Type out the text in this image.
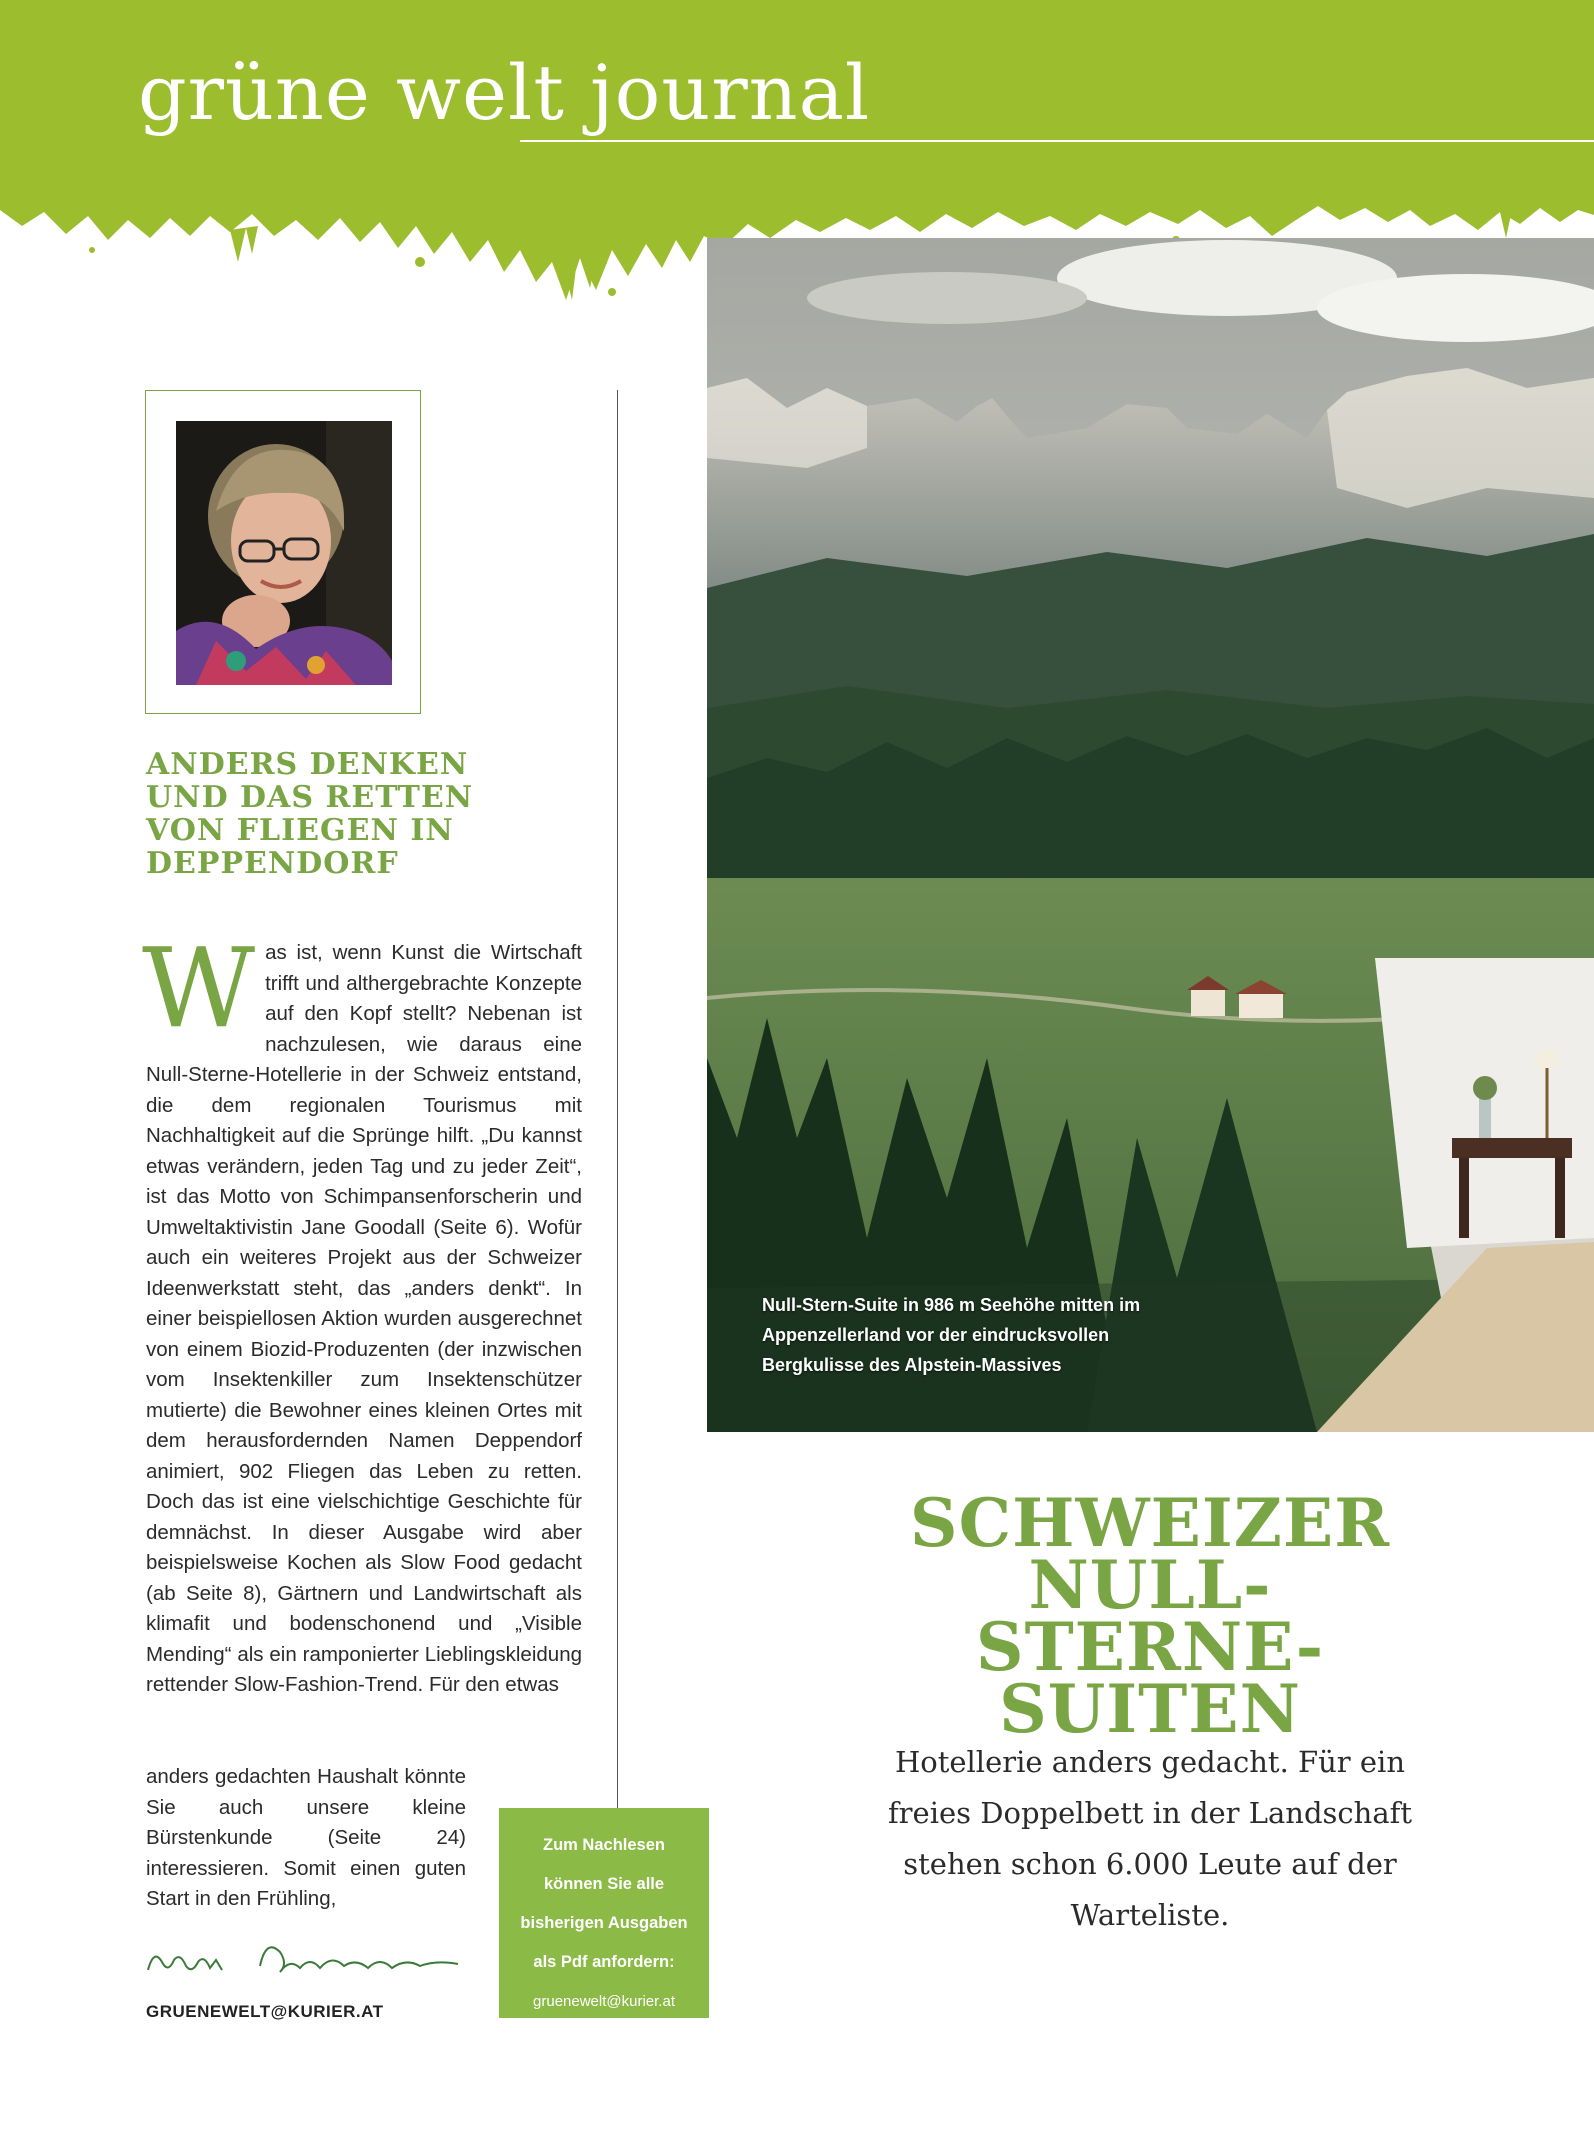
grüne welt journal
ANDERS DENKEN UND DAS RETTEN VON FLIEGEN IN DEPPENDORF

Was ist, wenn Kunst die Wirtschaft trifft und althergebrachte Konzepte auf den Kopf stellt? Nebenan ist nachzulesen, wie daraus eine Null-Sterne-Hotellerie in der Schweiz entstand, die dem regionalen Tourismus mit Nachhaltigkeit auf die Sprünge hilft. „Du kannst etwas verändern, jeden Tag und zu jeder Zeit“, ist das Motto von Schimpansenforscherin und Umweltaktivistin Jane Goodall (Seite 6). Wofür auch ein weiteres Projekt aus der Schweizer Ideenwerkstatt steht, das „anders denkt“. In einer beispiellosen Aktion wurden ausgerechnet von einem Biozid-Produzenten (der inzwischen vom Insektenkiller zum Insektenschützer mutierte) die Bewohner eines kleinen Ortes mit dem herausfordernden Namen Deppendorf animiert, 902 Fliegen das Leben zu retten. Doch das ist eine vielschichtige Geschichte für demnächst. In dieser Ausgabe wird aber beispielsweise Kochen als Slow Food gedacht (ab Seite 8), Gärtnern und Landwirtschaft als klimafit und bodenschonend und „Visible Mending“ als ein ramponierter Lieblingskleidung rettender Slow-Fashion-Trend. Für den etwas

anders gedachten Haushalt könnte Sie auch unsere kleine Bürstenkunde (Seite 24) interessieren. Somit einen guten Start in den Frühling,

GRUENEWELT@KURIER.AT
Zum Nachlesen
können Sie alle
bisherigen Ausgaben
als Pdf anfordern:
gruenewelt@kurier.at
Null-Stern-Suite in 986 m Seehöhe mitten im Appenzellerland vor der eindrucksvollen Bergkulisse des Alpstein-Massives
SCHWEIZER
NULL-STERNE-
SUITEN

Hotellerie anders gedacht. Für ein freies Doppelbett in der Landschaft stehen schon 6.000 Leute auf der Warteliste.
